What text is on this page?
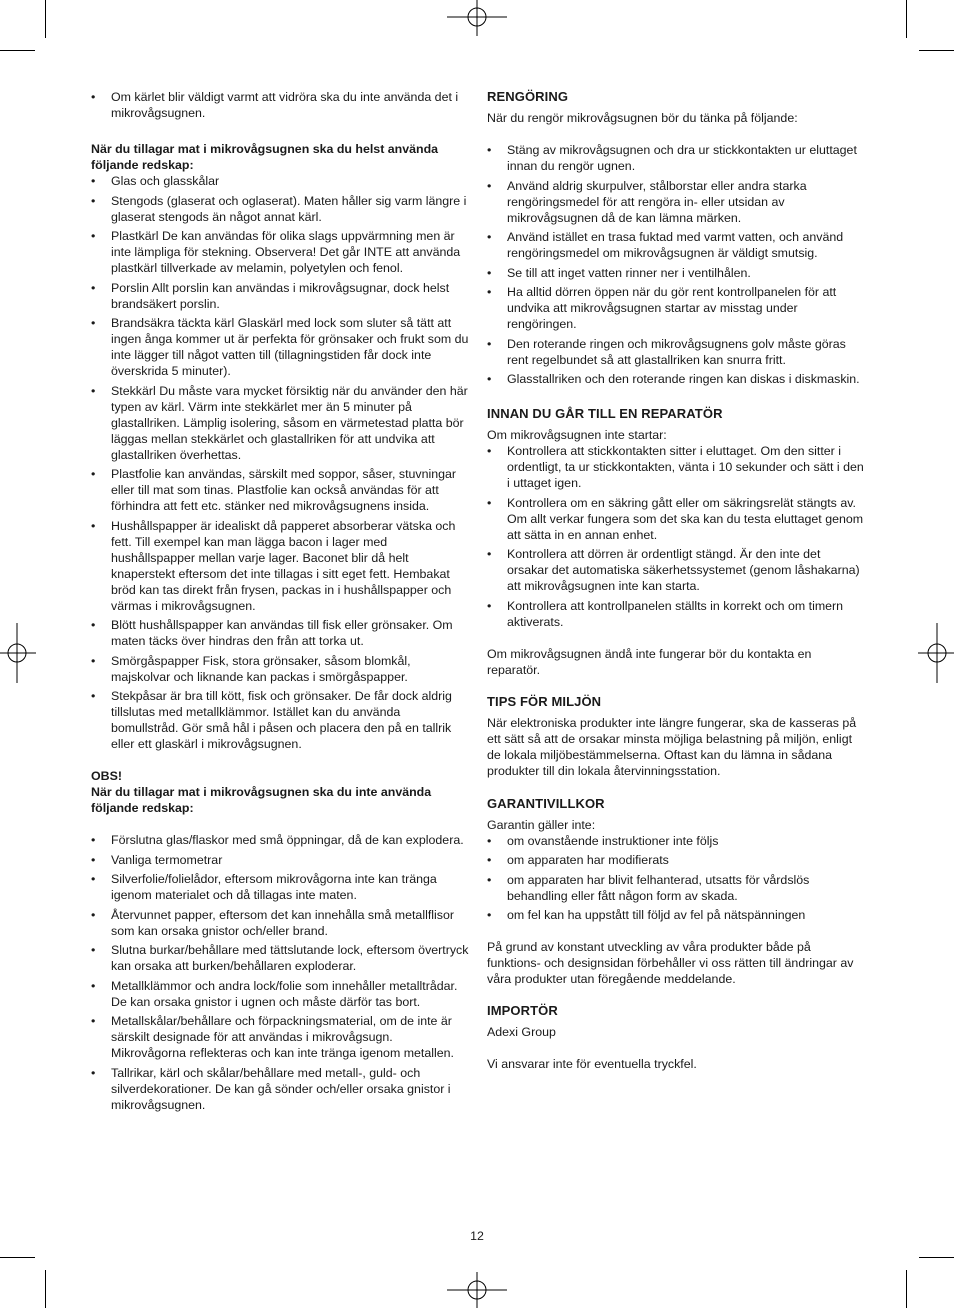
• Om kärlet blir väldigt varmt att vidröra ska du inte använda det i mikrovågsugnen.

När du tillagar mat i mikrovågsugnen ska du helst använda följande redskap:

• Glas och glasskålar
• Stengods (glaserat och oglaserat). Maten håller sig varm längre i glaserat stengods än något annat kärl.
• Plastkärl De kan användas för olika slags uppvärmning men är inte lämpliga för stekning. Observera! Det går INTE att använda plastkärl tillverkade av melamin, polyetylen och fenol.
• Porslin Allt porslin kan användas i mikrovågsugnar, dock helst brandsäkert porslin.
• Brandsäkra täckta kärl Glaskärl med lock som sluter så tätt att ingen ånga kommer ut är perfekta för grönsaker och frukt som du inte lägger till något vatten till (tillagningstiden får dock inte överskrida 5 minuter).
• Stekkärl Du måste vara mycket försiktig när du använder den här typen av kärl. Värm inte stekkärlet mer än 5 minuter på glastallriken. Lämplig isolering, såsom en värmetestad platta bör läggas mellan stekkärlet och glastallriken för att undvika att glastallriken överhettas.
• Plastfolie kan användas, särskilt med soppor, såser, stuvningar eller till mat som tinas. Plastfolie kan också användas för att förhindra att fett etc. stänker ned mikrovågsugnens insida.
• Hushållspapper är idealiskt då papperet absorberar vätska och fett. Till exempel kan man lägga bacon i lager med hushållspapper mellan varje lager. Baconet blir då helt knaperstekt eftersom det inte tillagas i sitt eget fett. Hembakat bröd kan tas direkt från frysen, packas in i hushållspapper och värmas i mikrovågsugnen.
• Blött hushållspapper kan användas till fisk eller grönsaker. Om maten täcks över hindras den från att torka ut.
• Smörgåspapper Fisk, stora grönsaker, såsom blomkål, majskolvar och liknande kan packas i smörgåspapper.
• Stekpåsar är bra till kött, fisk och grönsaker. De får dock aldrig tillslutas med metallklämmor. Istället kan du använda bomullstråd. Gör små hål i påsen och placera den på en tallrik eller ett glaskärl i mikrovågsugnen.

OBS!

När du tillagar mat i mikrovågsugnen ska du inte använda följande redskap:

• Förslutna glas/flaskor med små öppningar, då de kan explodera.
• Vanliga termometrar
• Silverfolie/folielådor, eftersom mikrovågorna inte kan tränga igenom materialet och då tillagas inte maten.
• Återvunnet papper, eftersom det kan innehålla små metallflisor som kan orsaka gnistor och/eller brand.
• Slutna burkar/behållare med tättslutande lock, eftersom övertryck kan orsaka att burken/behållaren exploderar.
• Metallklämmor och andra lock/folie som innehåller metalltrådar. De kan orsaka gnistor i ugnen och måste därför tas bort.
• Metallskålar/behållare och förpackningsmaterial, om de inte är särskilt designade för att användas i mikrovågsugn. Mikrovågorna reflekteras och kan inte tränga igenom metallen.
• Tallrikar, kärl och skålar/behållare med metall-, guld- och silverdekorationer. De kan gå sönder och/eller orsaka gnistor i mikrovågsugnen.
RENGÖRING

När du rengör mikrovågsugnen bör du tänka på följande:

• Stäng av mikrovågsugnen och dra ur stickkontakten ur eluttaget innan du rengör ugnen.
• Använd aldrig skurpulver, stålborstar eller andra starka rengöringsmedel för att rengöra in- eller utsidan av mikrovågsugnen då de kan lämna märken.
• Använd istället en trasa fuktad med varmt vatten, och använd rengöringsmedel om mikrovågsugnen är väldigt smutsig.
• Se till att inget vatten rinner ner i ventilhålen.
• Ha alltid dörren öppen när du gör rent kontrollpanelen för att undvika att mikrovågsugnen startar av misstag under rengöringen.
• Den roterande ringen och mikrovågsugnens golv måste göras rent regelbundet så att glastallriken kan snurra fritt.
• Glasstallriken och den roterande ringen kan diskas i diskmaskin.
INNAN DU GÅR TILL EN REPARATÖR

Om mikrovågsugnen inte startar:

• Kontrollera att stickkontakten sitter i eluttaget. Om den sitter i ordentligt, ta ur stickkontakten, vänta i 10 sekunder och sätt i den i uttaget igen.
• Kontrollera om en säkring gått eller om säkringsrelät stängts av. Om allt verkar fungera som det ska kan du testa eluttaget genom att sätta in en annan enhet.
• Kontrollera att dörren är ordentligt stängd. Är den inte det orsakar det automatiska säkerhetssystemet (genom låshakarna) att mikrovågsugnen inte kan starta.
• Kontrollera att kontrollpanelen ställts in korrekt och om timern aktiverats.

Om mikrovågsugnen ändå inte fungerar bör du kontakta en reparatör.

TIPS FÖR MILJÖN

När elektroniska produkter inte längre fungerar, ska de kasseras på ett sätt så att de orsakar minsta möjliga belastning på miljön, enligt de lokala miljöbestämmelserna. Oftast kan du lämna in sådana produkter till din lokala återvinningsstation.

GARANTIVILLKOR

Garantin gäller inte:

• om ovanstående instruktioner inte följs
• om apparaten har modifierats
• om apparaten har blivit felhanterad, utsatts för vårdslös behandling eller fått någon form av skada.
• om fel kan ha uppstått till följd av fel på nätspänningen

På grund av konstant utveckling av våra produkter både på funktions- och designsidan förbehåller vi oss rätten till ändringar av våra produkter utan föregående meddelande.

IMPORTÖR

Adexi Group

Vi ansvarar inte för eventuella tryckfel.

12
